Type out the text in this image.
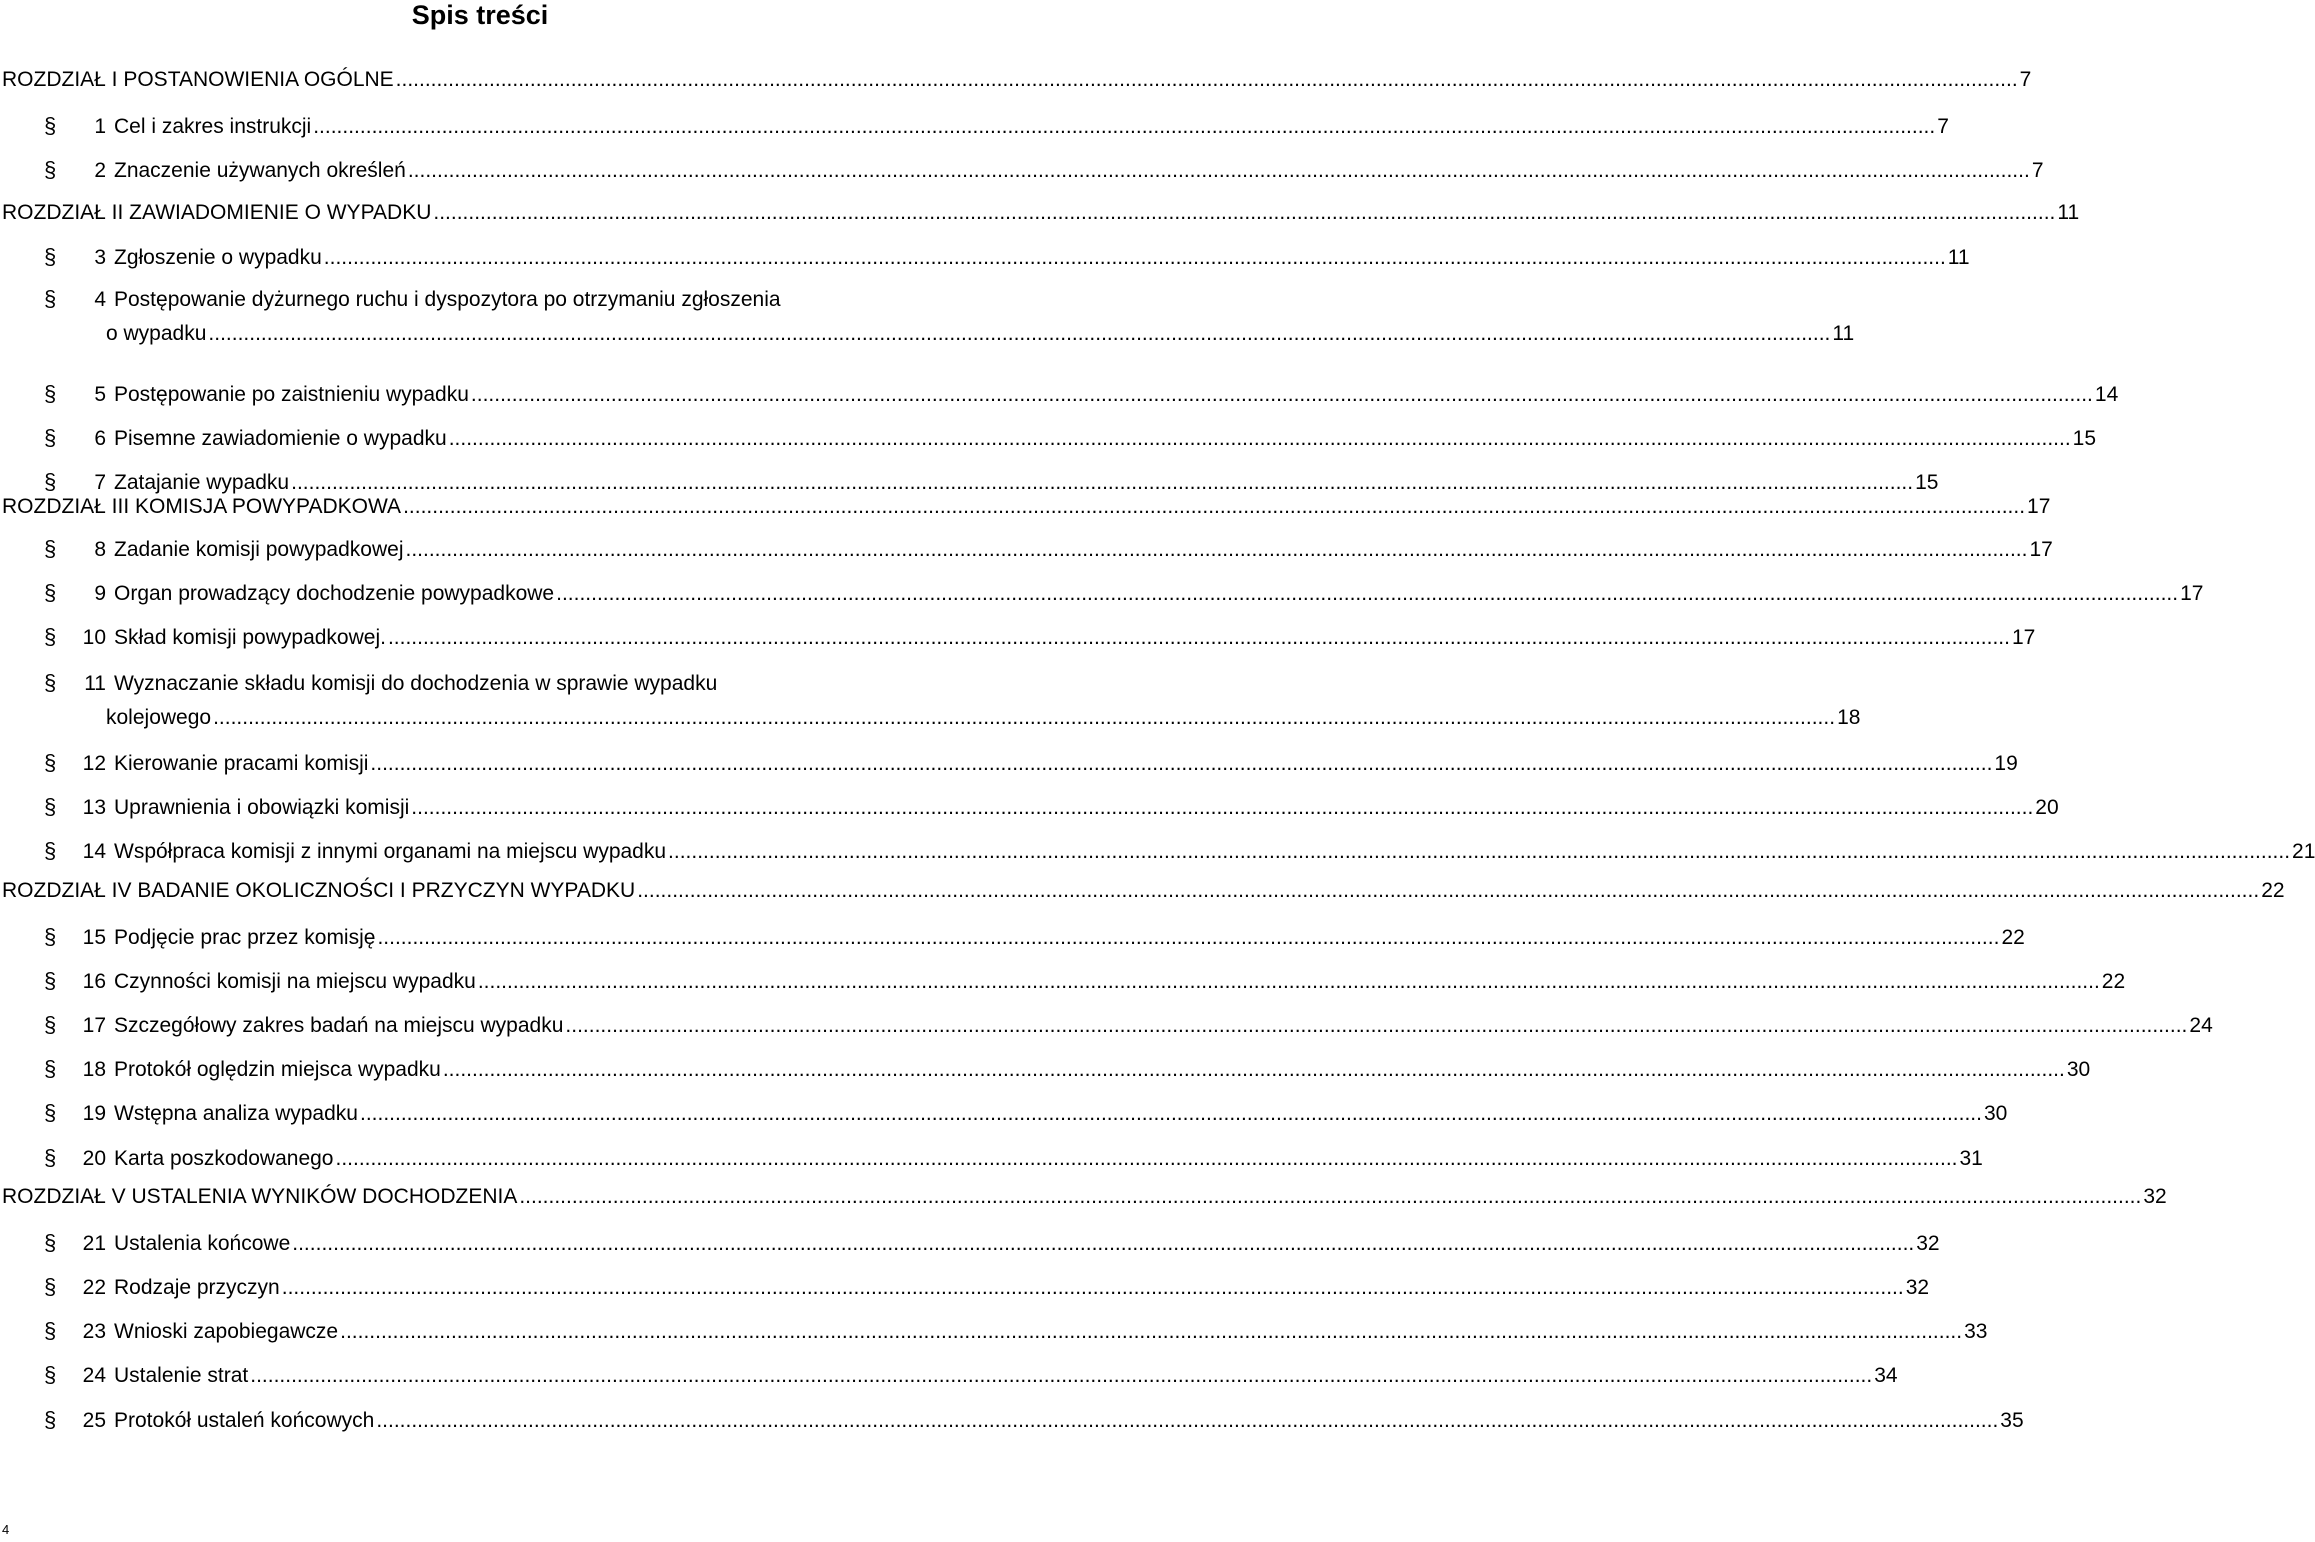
Spis treści
ROZDZIAŁ I POSTANOWIENIA OGÓLNE .....	7
§	1 Cel i zakres instrukcji .....	7
§	2 Znaczenie używanych określeń .....	7
ROZDZIAŁ II ZAWIADOMIENIE O WYPADKU .....	11
§	3 Zgłoszenie o wypadku .....	11
§	4 Postępowanie dyżurnego ruchu i dyspozytora po otrzymaniu zgłoszenia
o wypadku .....	11
§	5 Postępowanie po zaistnieniu wypadku .....	14
§	6 Pisemne zawiadomienie o wypadku .....	15
§	7 Zatajanie wypadku .....	15
ROZDZIAŁ III KOMISJA POWYPADKOWA .....	17
§	8 Zadanie komisji powypadkowej .....	17
§	9 Organ prowadzący dochodzenie powypadkowe .....	17
§	10 Skład komisji powypadkowej. .....	17
§	11 Wyznaczanie składu komisji do dochodzenia w sprawie wypadku
kolejowego .....	18
§	12 Kierowanie pracami komisji .....	19
§	13 Uprawnienia i obowiązki komisji .....	20
§	14 Współpraca komisji z innymi organami na miejscu wypadku .....	21
ROZDZIAŁ IV BADANIE OKOLICZNOŚCI I PRZYCZYN WYPADKU .....	22
§	15 Podjęcie prac przez komisję .....	22
§	16 Czynności komisji na miejscu wypadku .....	22
§	17 Szczegółowy zakres badań na miejscu wypadku .....	24
§	18 Protokół oględzin miejsca wypadku .....	30
§	19 Wstępna analiza wypadku .....	30
§	20 Karta poszkodowanego .....	31
ROZDZIAŁ V USTALENIA WYNIKÓW DOCHODZENIA .....	32
§	21 Ustalenia końcowe .....	32
§	22 Rodzaje przyczyn .....	32
§	23 Wnioski zapobiegawcze .....	33
§	24 Ustalenie strat .....	34
§	25 Protokół ustaleń końcowych .....	35
4
